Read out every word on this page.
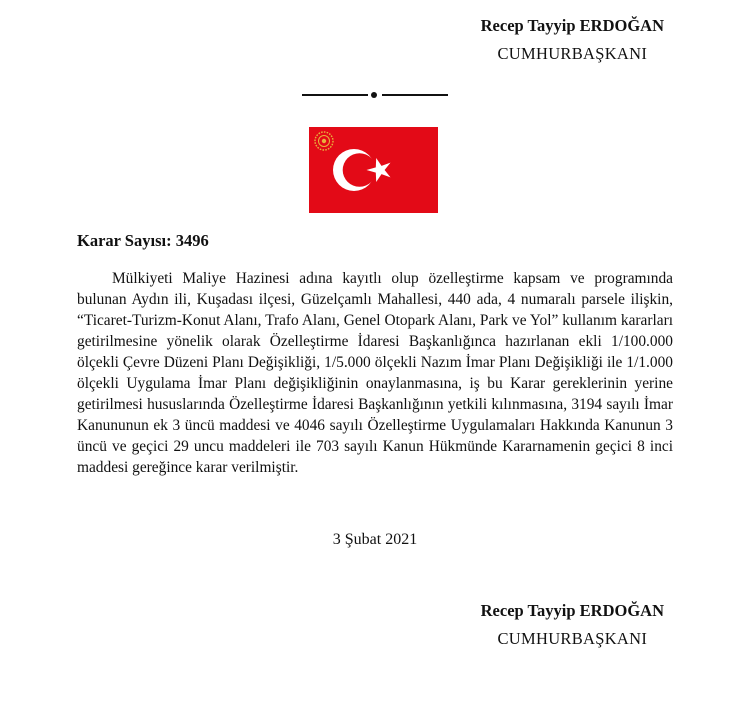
Recep Tayyip ERDOĞAN
CUMHURBAŞKANI
Karar Sayısı: 3496

Mülkiyeti Maliye Hazinesi adına kayıtlı olup özelleştirme kapsam ve programında bulunan Aydın ili, Kuşadası ilçesi, Güzelçamlı Mahallesi, 440 ada, 4 numaralı parsele ilişkin, “Ticaret-Turizm-Konut Alanı, Trafo Alanı, Genel Otopark Alanı, Park ve Yol” kullanım kararları getirilmesine yönelik olarak Özelleştirme İdaresi Başkanlığınca hazırlanan ekli 1/100.000 ölçekli Çevre Düzeni Planı Değişikliği, 1/5.000 ölçekli Nazım İmar Planı Değişikliği ile 1/1.000 ölçekli Uygulama İmar Planı değişikliğinin onaylanmasına, iş bu Karar gereklerinin yerine getirilmesi hususlarında Özelleştirme İdaresi Başkanlığının yetkili kılınmasına, 3194 sayılı İmar Kanununun ek 3 üncü maddesi ve 4046 sayılı Özelleştirme Uygulamaları Hakkında Kanunun 3 üncü ve geçici 29 uncu maddeleri ile 703 sayılı Kanun Hükmünde Kararnamenin geçici 8 inci maddesi gereğince karar verilmiştir.

3 Şubat 2021
Recep Tayyip ERDOĞAN
CUMHURBAŞKANI
